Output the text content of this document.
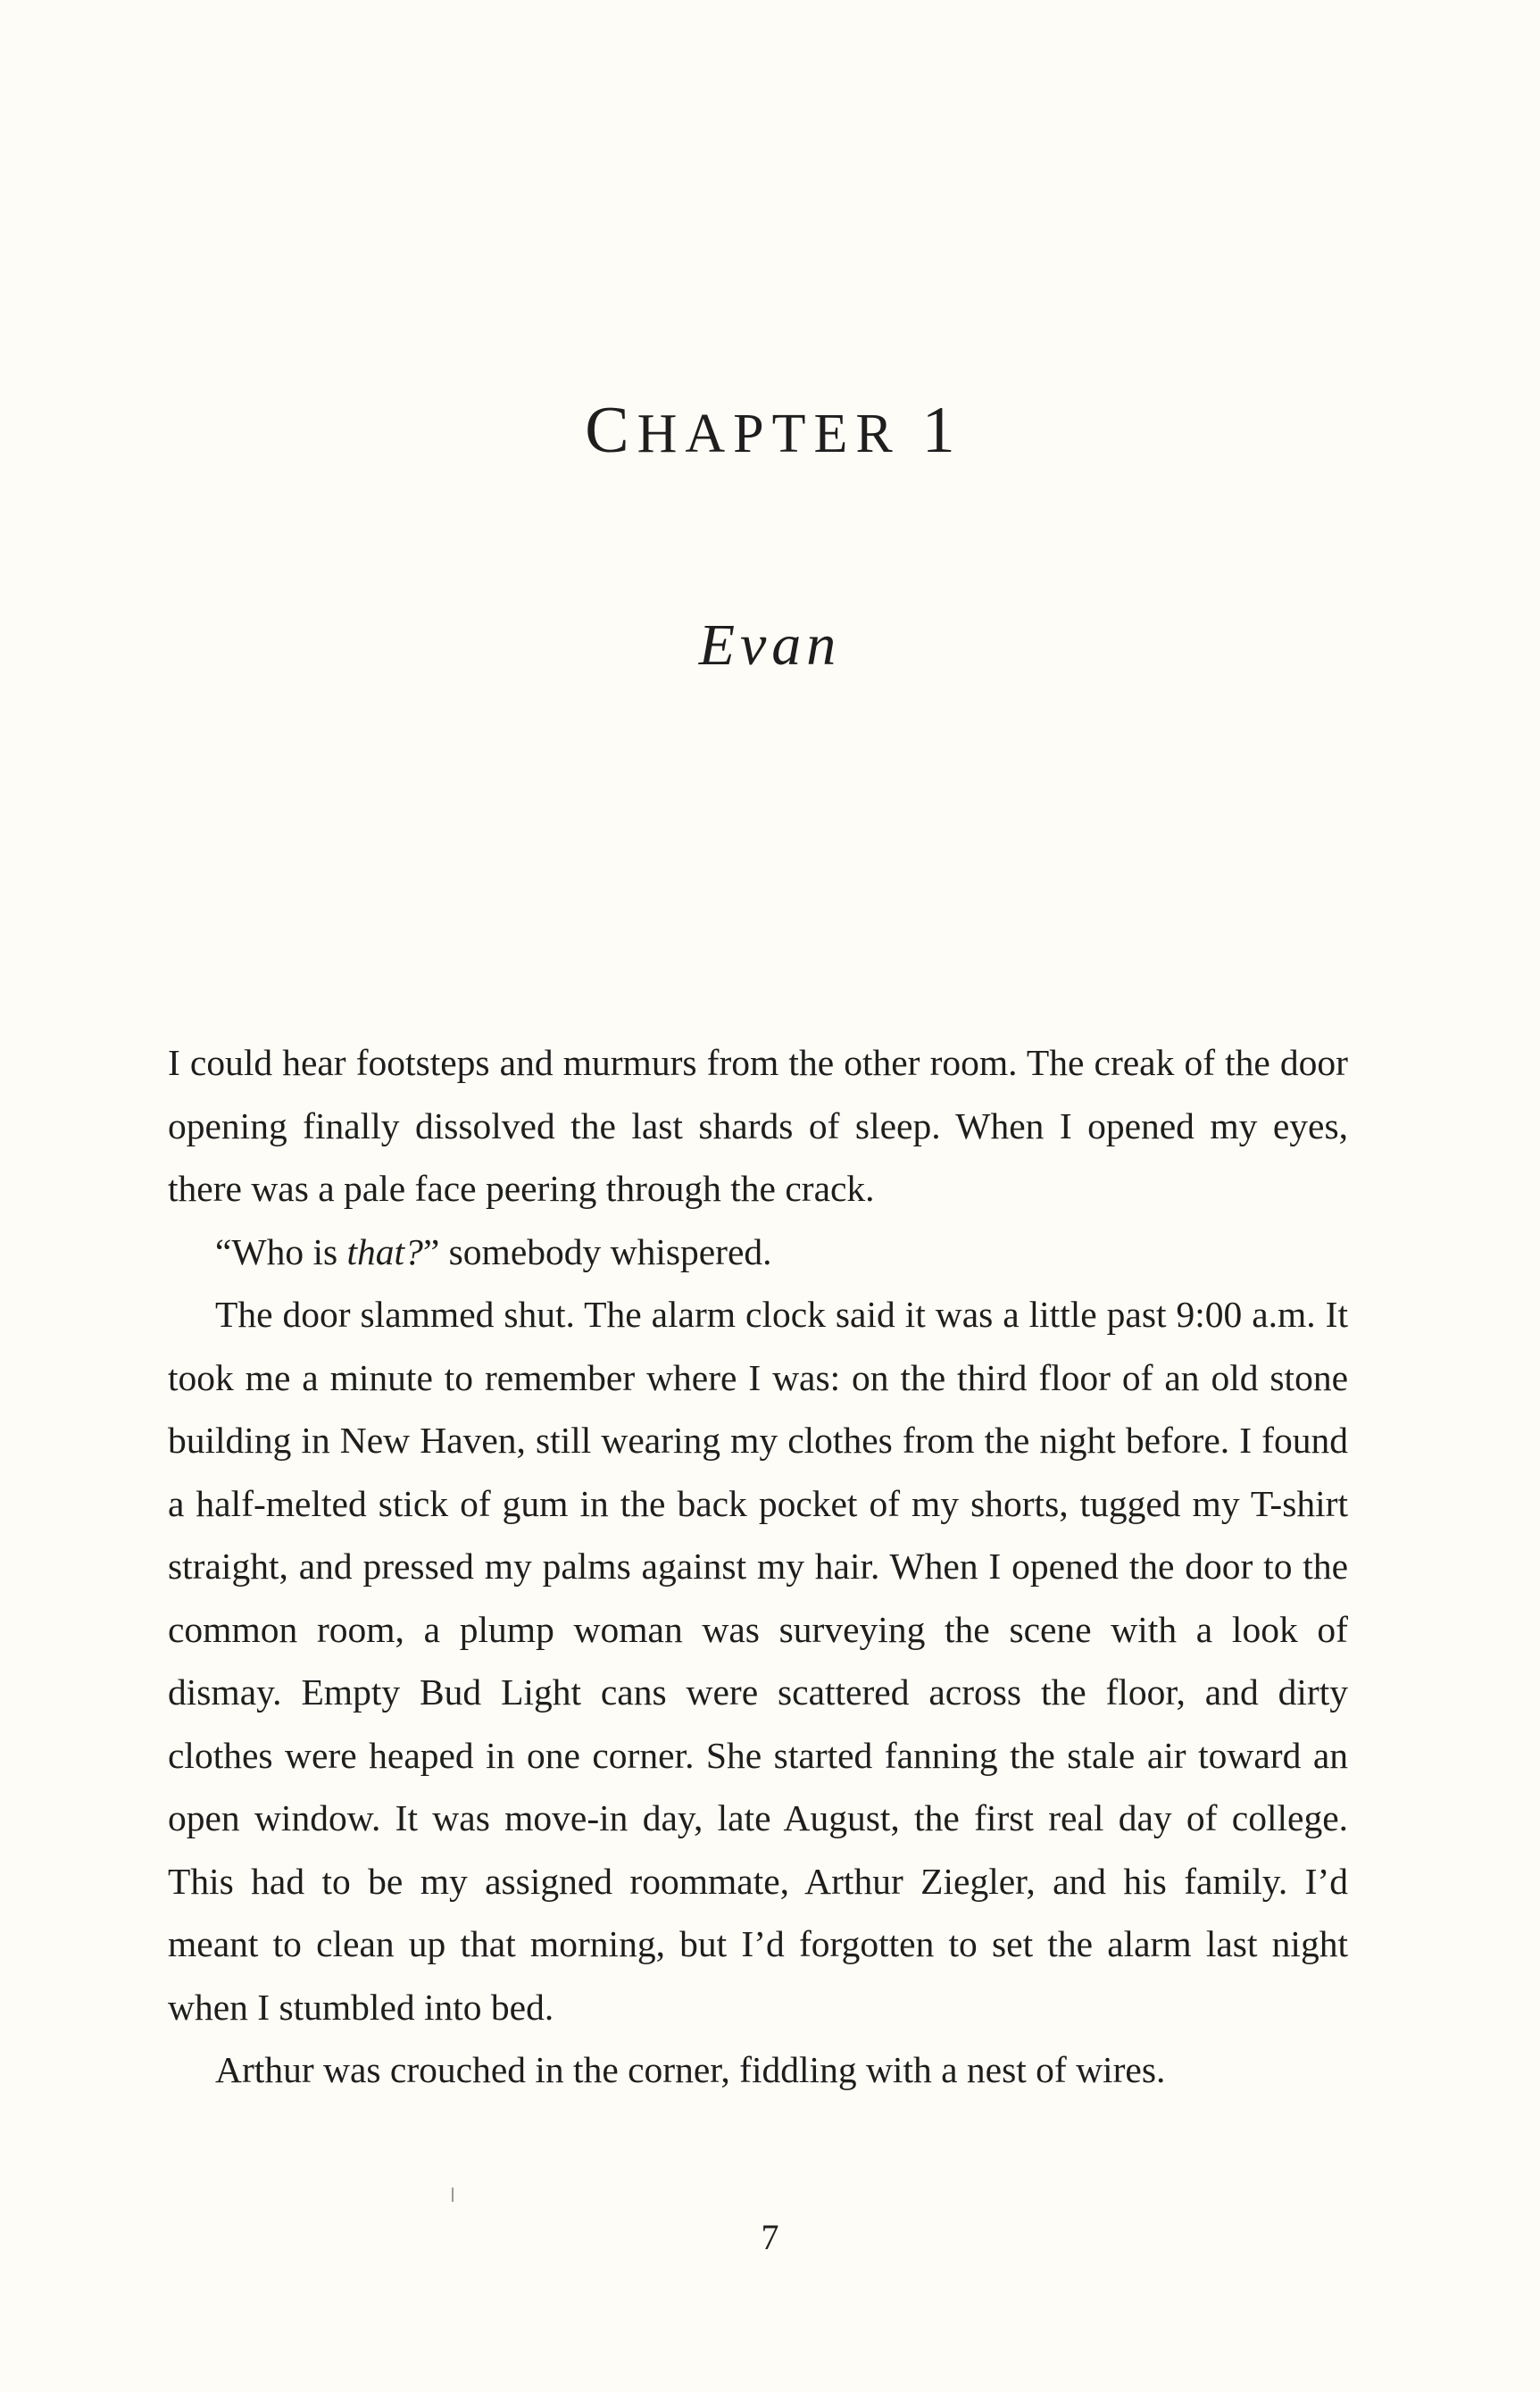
CHAPTER 1
Evan

I could hear footsteps and murmurs from the other room. The creak of the door opening finally dissolved the last shards of sleep. When I opened my eyes, there was a pale face peering through the crack.

“Who is that?” somebody whispered.

The door slammed shut. The alarm clock said it was a little past 9:00 a.m. It took me a minute to remember where I was: on the third floor of an old stone building in New Haven, still wearing my clothes from the night before. I found a half-melted stick of gum in the back pocket of my shorts, tugged my T-shirt straight, and pressed my palms against my hair. When I opened the door to the common room, a plump woman was surveying the scene with a look of dismay. Empty Bud Light cans were scattered across the floor, and dirty clothes were heaped in one corner. She started fanning the stale air toward an open window. It was move-in day, late August, the first real day of college. This had to be my assigned roommate, Arthur Ziegler, and his family. I’d meant to clean up that morning, but I’d forgotten to set the alarm last night when I stumbled into bed.

Arthur was crouched in the corner, fiddling with a nest of wires.

7
